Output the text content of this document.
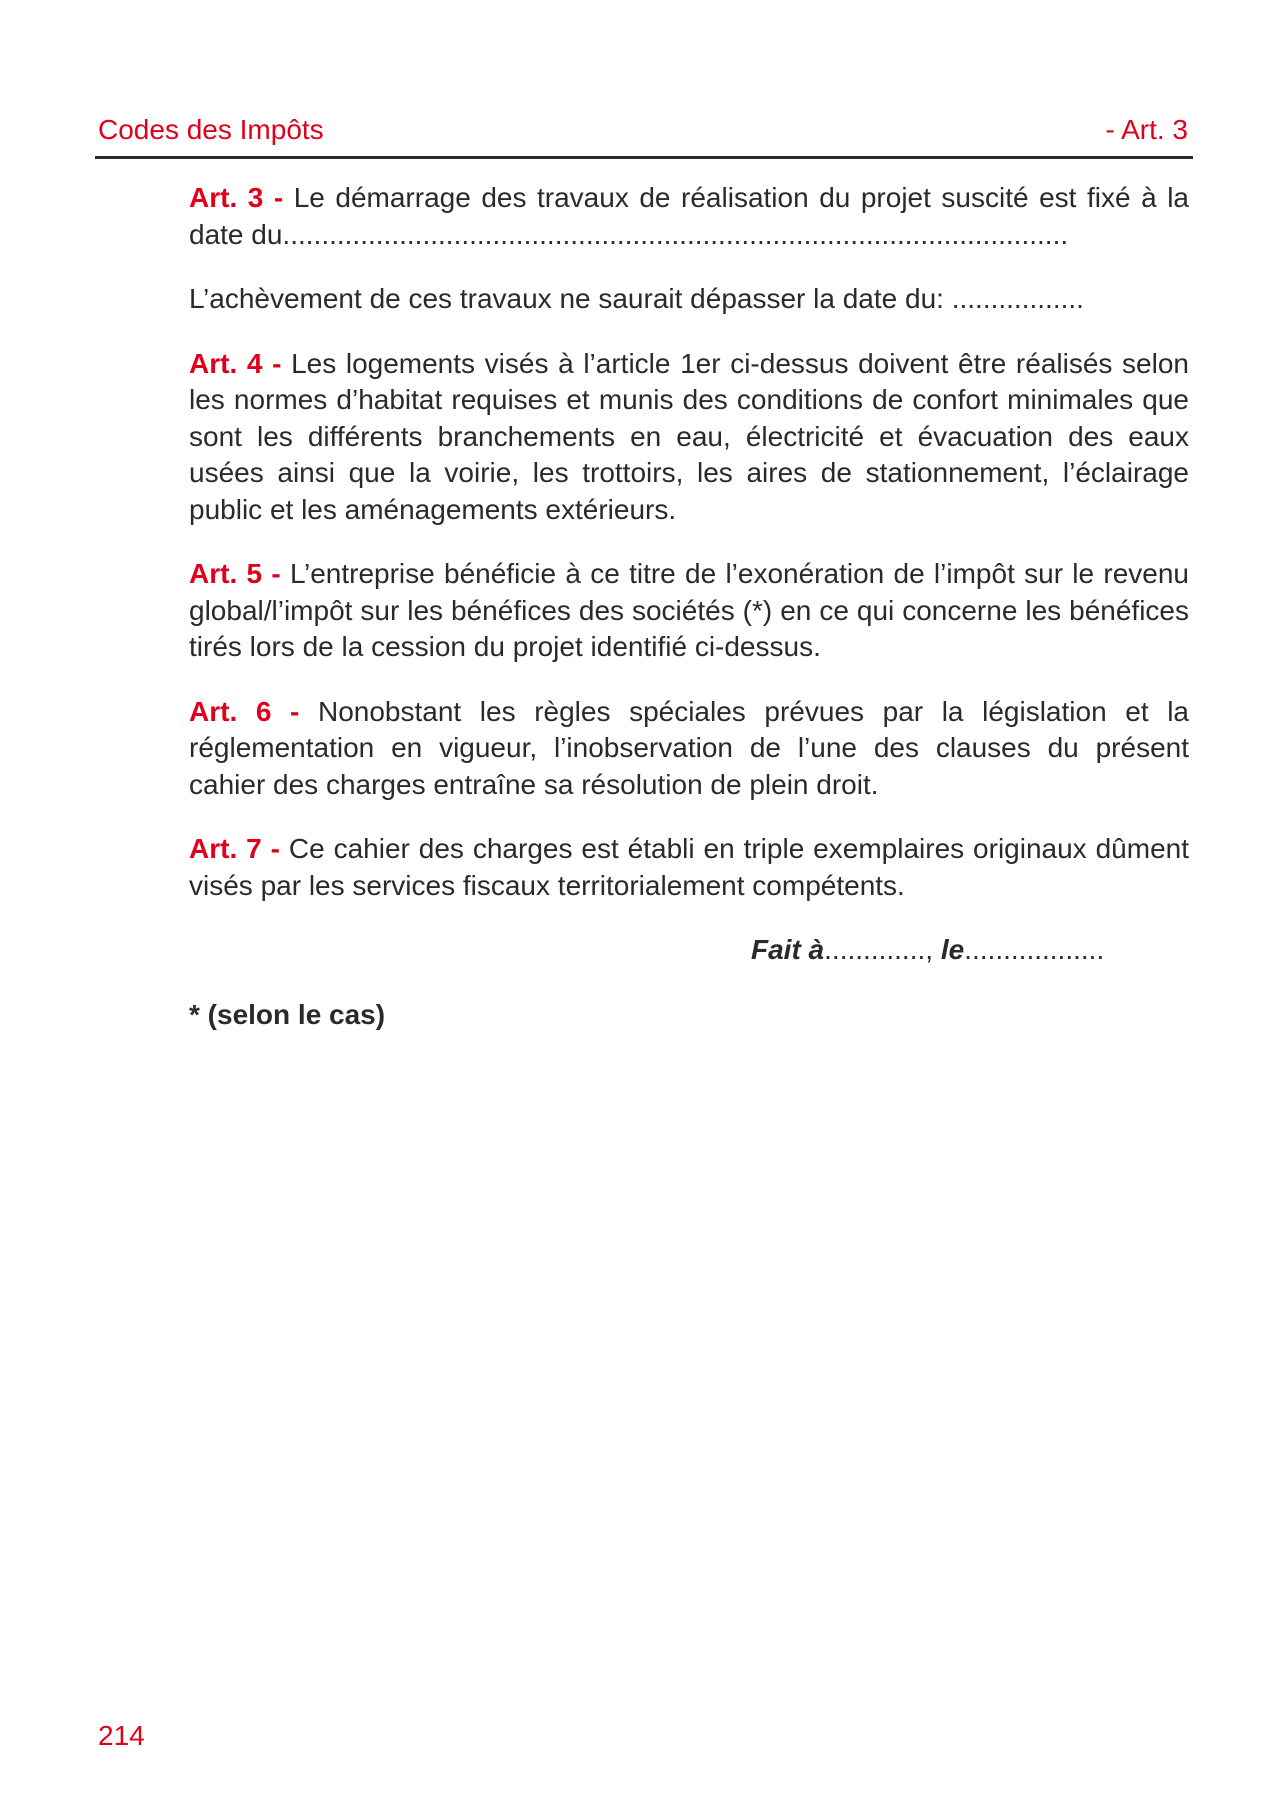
Codes des Impôts	- Art. 3

Art. 3 - Le démarrage des travaux de réalisation du projet suscité est fixé à la date du.....................................................................................................

L’achèvement de ces travaux ne saurait dépasser la date du: .................

Art. 4 - Les logements visés à l’article 1er ci-dessus doivent être réalisés selon les normes d’habitat requises et munis des conditions de confort minimales que sont les différents branchements en eau, électricité et évacuation des eaux usées ainsi que la voirie, les trottoirs, les aires de stationnement, l’éclairage public et les aménagements extérieurs.

Art. 5 - L’entreprise bénéficie à ce titre de l’exonération de l’impôt sur le revenu global/l’impôt sur les bénéfices des sociétés (*) en ce qui concerne les bénéfices tirés lors de la cession du projet identifié ci-dessus.

Art. 6 - Nonobstant les règles spéciales prévues par la législation et la réglementation en vigueur, l’inobservation de l’une des clauses du présent cahier des charges entraîne sa résolution de plein droit.

Art. 7 - Ce cahier des charges est établi en triple exemplaires originaux dûment visés par les services fiscaux territorialement compétents.

Fait à............., le..................

* (selon le cas)

214
